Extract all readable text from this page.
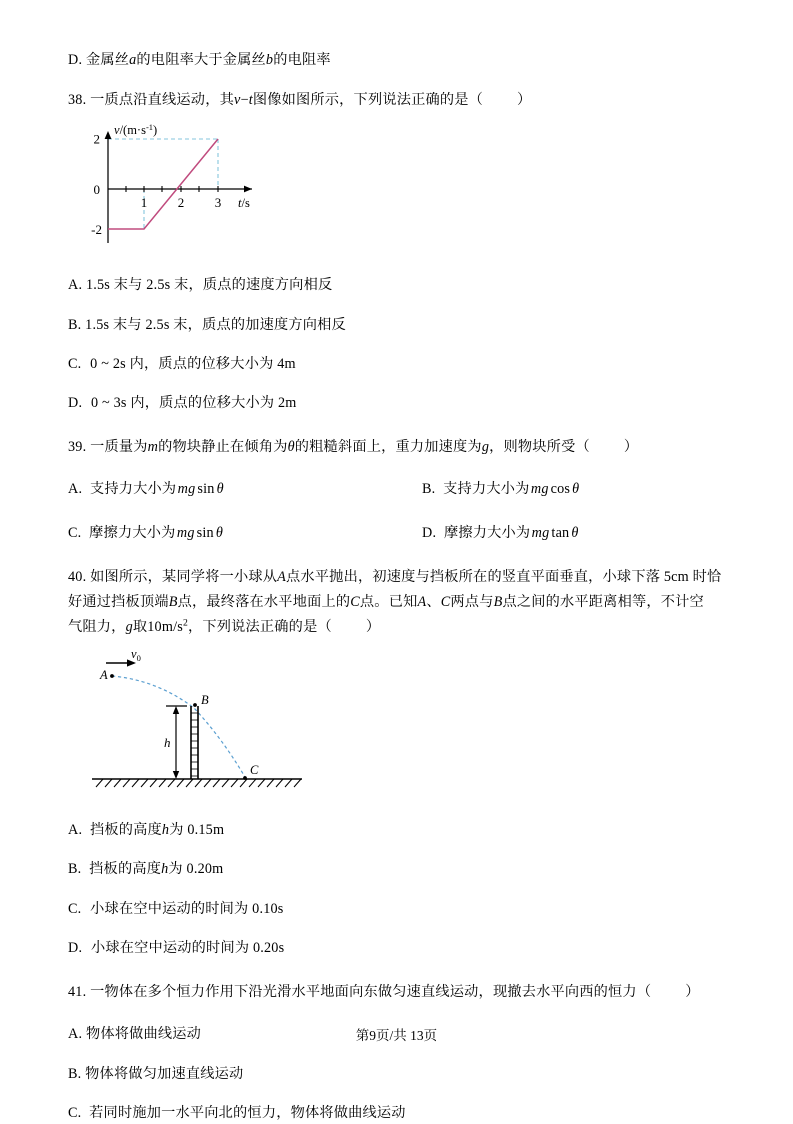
D. 金属丝a的电阻率大于金属丝b的电阻率

38. 一质点沿直线运动，其v−t图像如图所示，下列说法正确的是（ ）

2
0
-2
1 2 3
$v/(m\cdot s^{-1})$
t/s

A. 1.5s 末与 2.5s 末，质点的速度方向相反

B. 1.5s 末与 2.5s 末，质点的加速度方向相反

C. 0 ~ 2s 内，质点的位移大小为 4m

D. 0 ~ 3s 内，质点的位移大小为 2m

39. 一质量为m的物块静止在倾角为θ的粗糙斜面上，重力加速度为g，则物块所受（ ）

A. 支持力大小为 mg sin θ	B. 支持力大小为 mg cos θ

C. 摩擦力大小为 mg sin θ	D. 摩擦力大小为 mg tan θ

40. 如图所示，某同学将一小球从A点水平抛出，初速度与挡板所在的竖直平面垂直，小球下落 5cm 时恰

好通过挡板顶端B点，最终落在水平地面上的C点。已知A、C两点与B点之间的水平距离相等，不计空

气阻力，g取$10m/s^2$，下列说法正确的是（ ）

A
$v_0$
B
h
C

A. 挡板的高度h为 0.15m

B. 挡板的高度h为 0.20m

C. 小球在空中运动的时间为 0.10s

D. 小球在空中运动的时间为 0.20s

41. 一物体在多个恒力作用下沿光滑水平地面向东做匀速直线运动，现撤去水平向西的恒力（ ）

A. 物体将做曲线运动

B. 物体将做匀加速直线运动

C. 若同时施加一水平向北的恒力，物体将做曲线运动

第9页/共 13页
